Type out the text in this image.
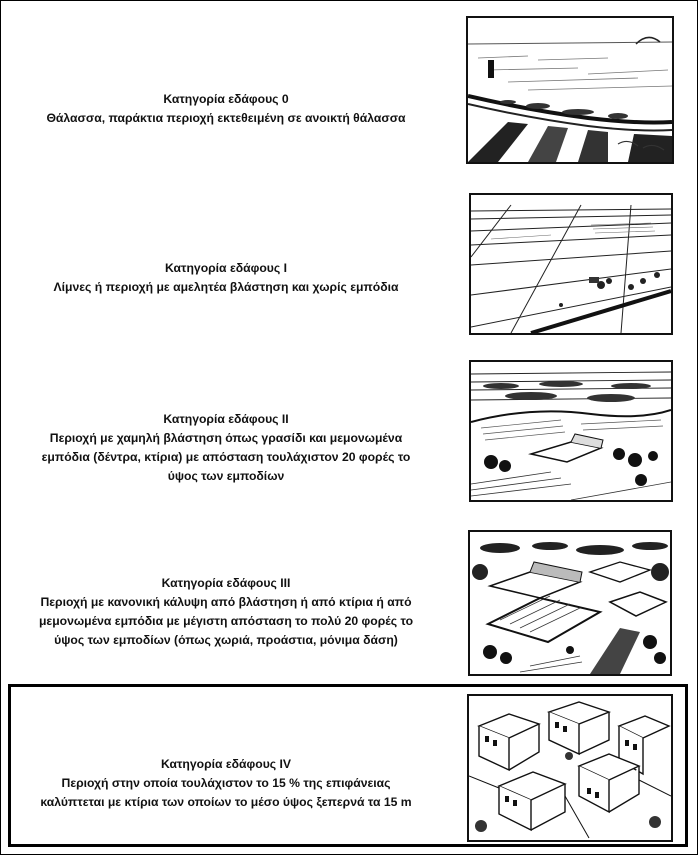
Κατηγορία εδάφους 0
Θάλασσα, παράκτια περιοχή εκτεθειμένη σε ανοικτή θάλασσα
Κατηγορία εδάφους I
Λίμνες ή περιοχή με αμελητέα βλάστηση και χωρίς εμπόδια
Κατηγορία εδάφους II
Περιοχή με χαμηλή βλάστηση όπως γρασίδι και μεμονωμένα
εμπόδια (δέντρα, κτίρια) με απόσταση τουλάχιστον 20 φορές το
ύψος των εμποδίων
Κατηγορία εδάφους III
Περιοχή με κανονική κάλυψη από βλάστηση ή από κτίρια ή από
μεμονωμένα εμπόδια με μέγιστη απόσταση το πολύ 20 φορές το
ύψος των εμποδίων (όπως χωριά, προάστια, μόνιμα δάση)
Κατηγορία εδάφους IV
Περιοχή στην οποία τουλάχιστον το 15 % της επιφάνειας
καλύπτεται με κτίρια των οποίων το μέσο ύψος ξεπερνά τα 15 m
